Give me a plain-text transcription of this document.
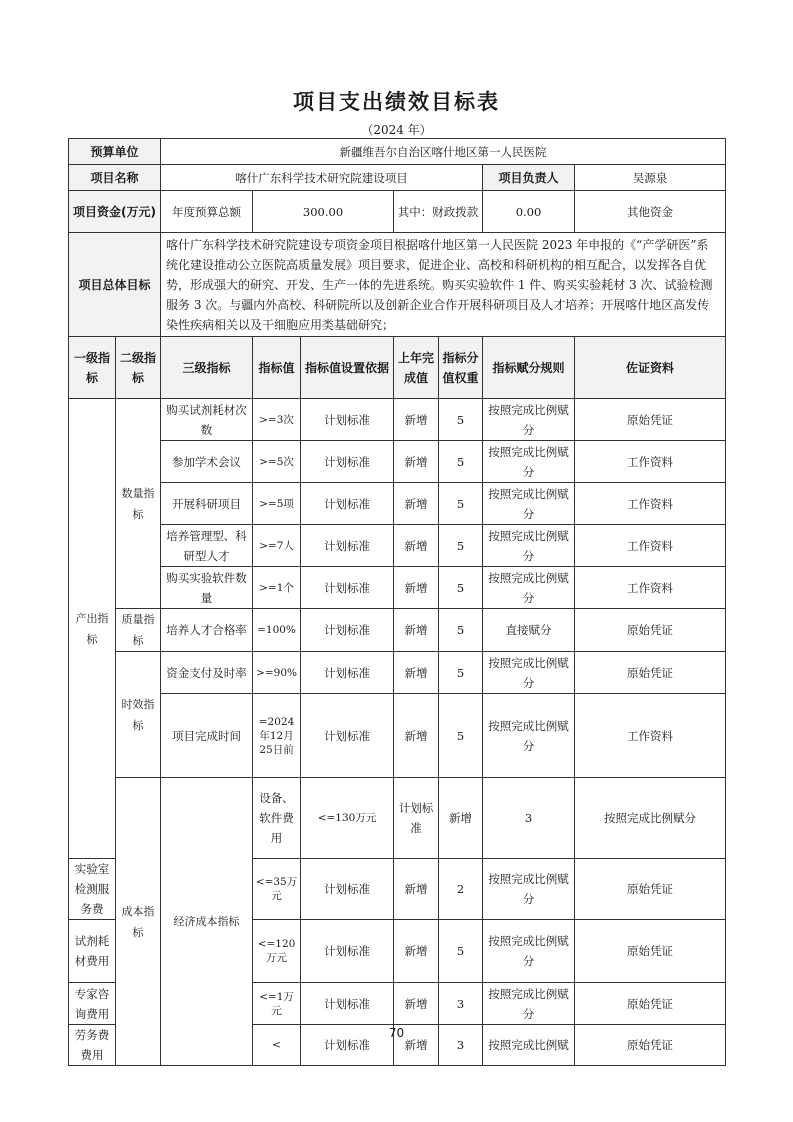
项目支出绩效目标表
（2024 年）
预算单位		新疆维吾尔自治区喀什地区第一人民医院							
项目名称		喀什广东科学技术研究院建设项目					项目负责人	吴源泉	
项目资金(万元)		年度预算总额	300.00		其中：财政拨款		0.00	其他资金	
项目总体目标		喀什广东科学技术研究院建设专项资金项目根据喀什地区第一人民医院 2023 年申报的《“产学研医”系统化建设推动公立医院高质量发展》项目要求，促进企业、高校和科研机构的相互配合，以发挥各自优势，形成强大的研究、开发、生产一体的先进系统。购买实验软件 1 件、购买实验耗材 3 次、试验检测服务 3 次。与疆内外高校、科研院所以及创新企业合作开展科研项目及人才培养；开展喀什地区高发传染性疾病相关以及干细胞应用类基础研究；							
一级指标	二级指标	三级指标	指标值	指标值设置依据	上年完成值	指标分值权重	指标赋分规则	佐证资料	
产出指标	数量指标	购买试剂耗材次数	>=3次	计划标准	新增	5	按照完成比例赋分	原始凭证	
		参加学术会议	>=5次	计划标准	新增	5	按照完成比例赋分	工作资料	
		开展科研项目	>=5项	计划标准	新增	5	按照完成比例赋分	工作资料	
		培养管理型、科研型人才	>=7人	计划标准	新增	5	按照完成比例赋分	工作资料	
		购买实验软件数量	>=1个	计划标准	新增	5	按照完成比例赋分	工作资料	
	质量指标	培养人才合格率	=100%	计划标准	新增	5	直接赋分	原始凭证	
	时效指标	资金支付及时率	>=90%	计划标准	新增	5	按照完成比例赋分	原始凭证	
		项目完成时间	=2024年12月25日前	计划标准	新增	5	按照完成比例赋分	工作资料	
	成本指标	经济成本指标	设备、软件费用	<=130万元	计划标准	新增	3	按照完成比例赋分	
实验室检测服务费			<=35万元	计划标准	新增	2	按照完成比例赋分	原始凭证	
试剂耗材费用			<=120万元	计划标准	新增	5	按照完成比例赋分	原始凭证	
专家咨询费用			<=1万元	计划标准	新增	3	按照完成比例赋分	原始凭证	
劳务费费用			<	计划标准	新增	3	按照完成比例赋	原始凭证	
70
